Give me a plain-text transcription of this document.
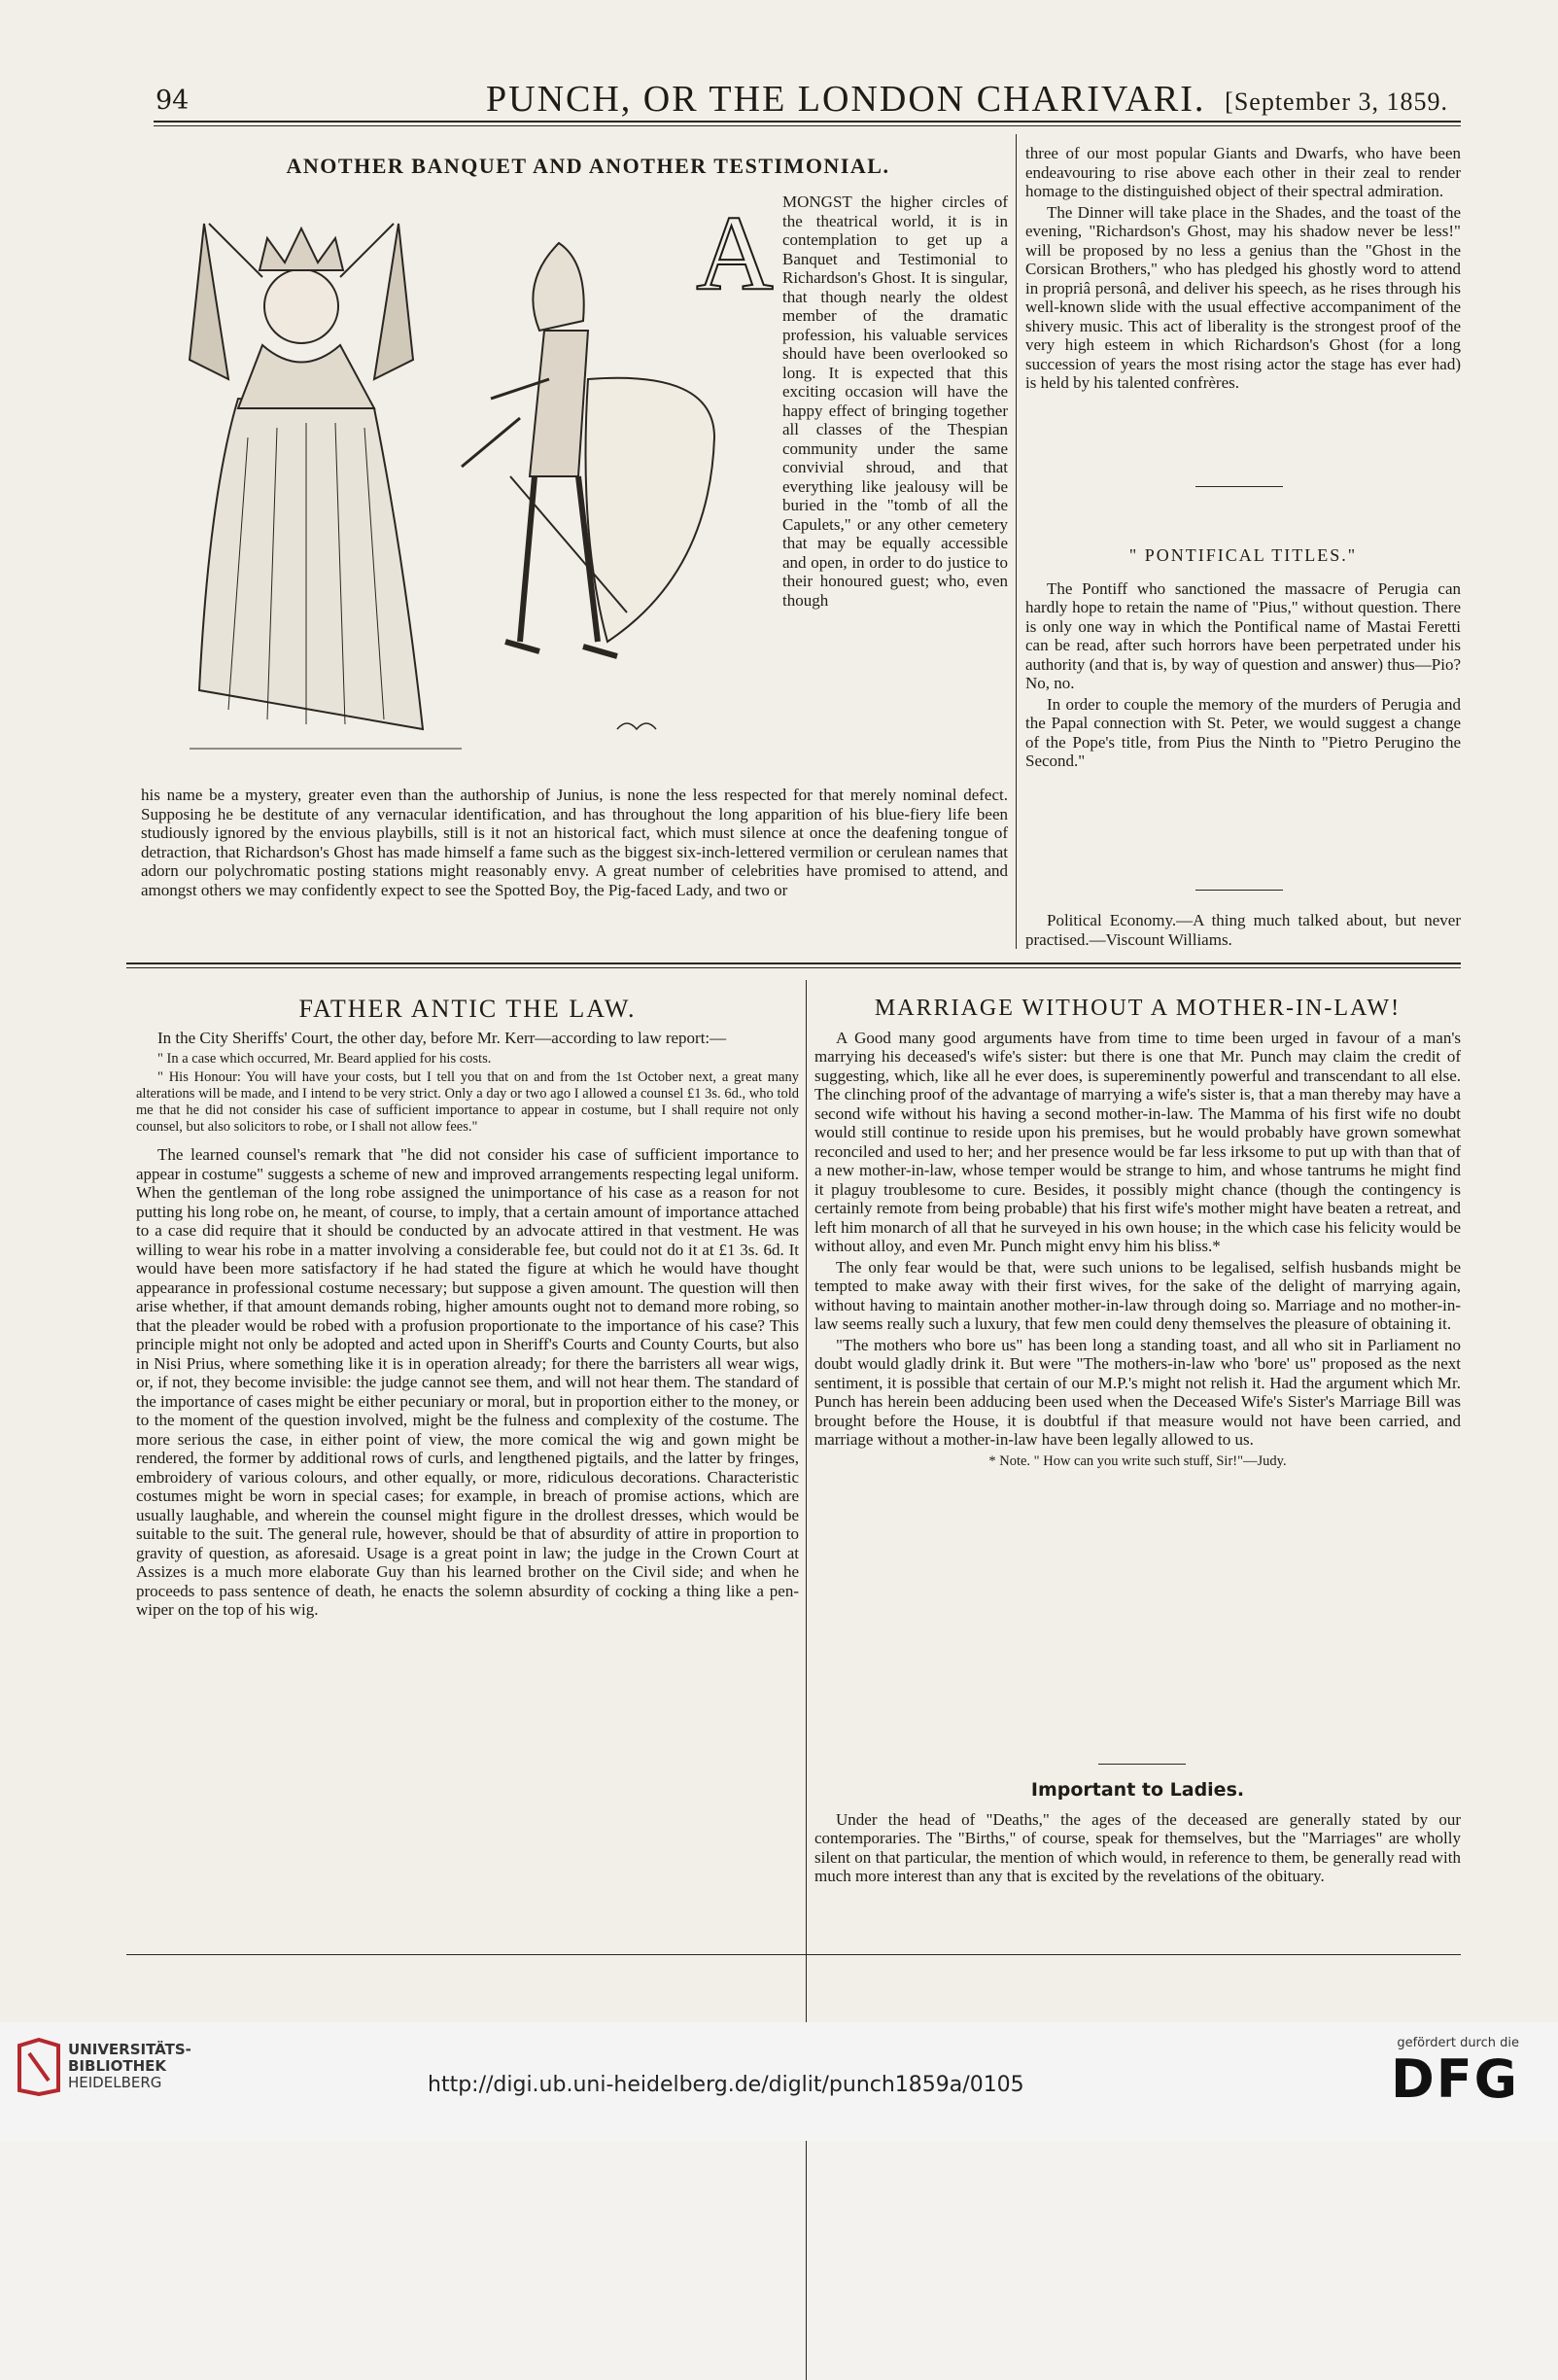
94	PUNCH, OR THE LONDON CHARIVARI. [September 3, 1859.
ANOTHER BANQUET AND ANOTHER TESTIMONIAL.
A MONGST the higher circles of the theatrical world, it is in contemplation to get up a Banquet and Testimonial to Richardson's Ghost. It is singular, that though nearly the oldest member of the dramatic profession, his valuable services should have been overlooked so long. It is expected that this exciting occasion will have the happy effect of bringing together all classes of the Thespian community under the same convivial shroud, and that everything like jealousy will be buried in the "tomb of all the Capulets," or any other cemetery that may be equally accessible and open, in order to do justice to their honoured guest; who, even though

his name be a mystery, greater even than the authorship of Junius, is none the less respected for that merely nominal defect. Supposing he be destitute of any vernacular identification, and has throughout the long apparition of his blue-fiery life been studiously ignored by the envious playbills, still is it not an historical fact, which must silence at once the deafening tongue of detraction, that Richardson's Ghost has made himself a fame such as the biggest six-inch-lettered vermilion or cerulean names that adorn our polychromatic posting stations might reasonably envy. A great number of celebrities have promised to attend, and amongst others we may confidently expect to see the Spotted Boy, the Pig-faced Lady, and two or

three of our most popular Giants and Dwarfs, who have been endeavouring to rise above each other in their zeal to render homage to the distinguished object of their spectral admiration.

The Dinner will take place in the Shades, and the toast of the evening, "Richardson's Ghost, may his shadow never be less!" will be proposed by no less a genius than the "Ghost in the Corsican Brothers," who has pledged his ghostly word to attend in propriâ personâ, and deliver his speech, as he rises through his well-known slide with the usual effective accompaniment of the shivery music. This act of liberality is the strongest proof of the very high esteem in which Richardson's Ghost (for a long succession of years the most rising actor the stage has ever had) is held by his talented confrères.

" PONTIFICAL TITLES."

The Pontiff who sanctioned the massacre of Perugia can hardly hope to retain the name of "Pius," without question. There is only one way in which the Pontifical name of Mastai Feretti can be read, after such horrors have been perpetrated under his authority (and that is, by way of question and answer) thus—Pio? No, no.

In order to couple the memory of the murders of Perugia and the Papal connection with St. Peter, we would suggest a change of the Pope's title, from Pius the Ninth to "Pietro Perugino the Second."

Political Economy.—A thing much talked about, but never practised.—Viscount Williams.

FATHER ANTIC THE LAW.

In the City Sheriffs' Court, the other day, before Mr. Kerr—according to law report:—

" In a case which occurred, Mr. Beard applied for his costs.

" His Honour: You will have your costs, but I tell you that on and from the 1st October next, a great many alterations will be made, and I intend to be very strict. Only a day or two ago I allowed a counsel £1 3s. 6d., who told me that he did not consider his case of sufficient importance to appear in costume, but I shall require not only counsel, but also solicitors to robe, or I shall not allow fees."

The learned counsel's remark that "he did not consider his case of sufficient importance to appear in costume" suggests a scheme of new and improved arrangements respecting legal uniform. When the gentleman of the long robe assigned the unimportance of his case as a reason for not putting his long robe on, he meant, of course, to imply, that a certain amount of importance attached to a case did require that it should be conducted by an advocate attired in that vestment. He was willing to wear his robe in a matter involving a considerable fee, but could not do it at £1 3s. 6d. It would have been more satisfactory if he had stated the figure at which he would have thought appearance in professional costume necessary; but suppose a given amount. The question will then arise whether, if that amount demands robing, higher amounts ought not to demand more robing, so that the pleader would be robed with a profusion proportionate to the importance of his case? This principle might not only be adopted and acted upon in Sheriff's Courts and County Courts, but also in Nisi Prius, where something like it is in operation already; for there the barristers all wear wigs, or, if not, they become invisible: the judge cannot see them, and will not hear them. The standard of the importance of cases might be either pecuniary or moral, but in proportion either to the money, or to the moment of the question involved, might be the fulness and complexity of the costume. The more serious the case, in either point of view, the more comical the wig and gown might be rendered, the former by additional rows of curls, and lengthened pigtails, and the latter by fringes, embroidery of various colours, and other equally, or more, ridiculous decorations. Characteristic costumes might be worn in special cases; for example, in breach of promise actions, which are usually laughable, and wherein the counsel might figure in the drollest dresses, which would be suitable to the suit. The general rule, however, should be that of absurdity of attire in proportion to gravity of question, as aforesaid. Usage is a great point in law; the judge in the Crown Court at Assizes is a much more elaborate Guy than his learned brother on the Civil side; and when he proceeds to pass sentence of death, he enacts the solemn absurdity of cocking a thing like a pen-wiper on the top of his wig.

MARRIAGE WITHOUT A MOTHER-IN-LAW!

A Good many good arguments have from time to time been urged in favour of a man's marrying his deceased's wife's sister: but there is one that Mr. Punch may claim the credit of suggesting, which, like all he ever does, is supereminently powerful and transcendant to all else. The clinching proof of the advantage of marrying a wife's sister is, that a man thereby may have a second wife without his having a second mother-in-law. The Mamma of his first wife no doubt would still continue to reside upon his premises, but he would probably have grown somewhat reconciled and used to her; and her presence would be far less irksome to put up with than that of a new mother-in-law, whose temper would be strange to him, and whose tantrums he might find it plaguy troublesome to cure. Besides, it possibly might chance (though the contingency is certainly remote from being probable) that his first wife's mother might have beaten a retreat, and left him monarch of all that he surveyed in his own house; in the which case his felicity would be without alloy, and even Mr. Punch might envy him his bliss.*

The only fear would be that, were such unions to be legalised, selfish husbands might be tempted to make away with their first wives, for the sake of the delight of marrying again, without having to maintain another mother-in-law through doing so. Marriage and no mother-in-law seems really such a luxury, that few men could deny themselves the pleasure of obtaining it.

"The mothers who bore us" has been long a standing toast, and all who sit in Parliament no doubt would gladly drink it. But were "The mothers-in-law who 'bore' us" proposed as the next sentiment, it is possible that certain of our M.P.'s might not relish it. Had the argument which Mr. Punch has herein been adducing been used when the Deceased Wife's Sister's Marriage Bill was brought before the House, it is doubtful if that measure would not have been carried, and marriage without a mother-in-law have been legally allowed to us.

* Note. " How can you write such stuff, Sir!"—Judy.
Important to Ladies.

Under the head of "Deaths," the ages of the deceased are generally stated by our contemporaries. The "Births," of course, speak for themselves, but the "Marriages" are wholly silent on that particular, the mention of which would, in reference to them, be generally read with much more interest than any that is excited by the revelations of the obituary.

UNIVERSITÄTS-
BIBLIOTHEK
HEIDELBERG	http://digi.ub.uni-heidelberg.de/diglit/punch1859a/0105
gefördert durch die
DFG
